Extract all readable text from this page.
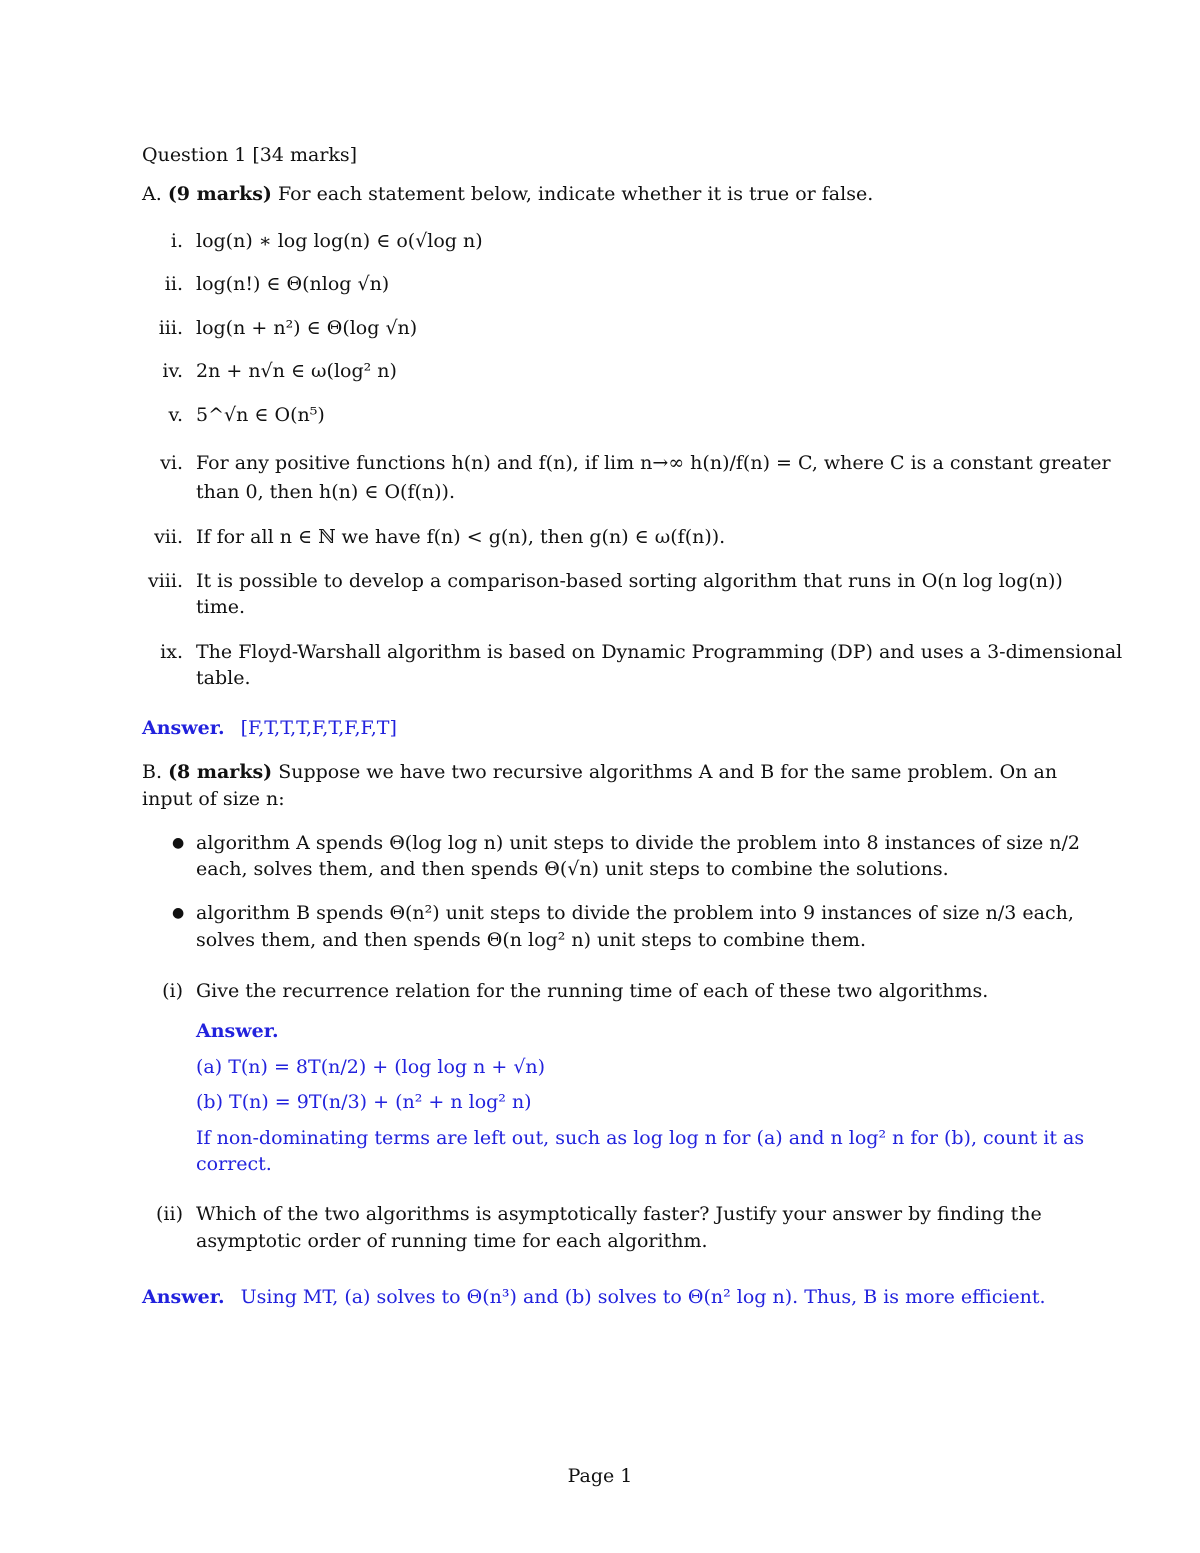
Question 1 [34 marks]
A. (9 marks) For each statement below, indicate whether it is true or false.
i. log(n) ∗ log log(n) ∈ o(√log n)
ii. log(n!) ∈ Θ(nlog √n)
iii. log(n + n²) ∈ Θ(log √n)
iv. 2n + n√n ∈ ω(log² n)
v. 5^√n ∈ O(n⁵)
vi. For any positive functions h(n) and f(n), if lim n→∞ h(n)/f(n) = C, where C is a constant greater
than 0, then h(n) ∈ O(f(n)).
vii. If for all n ∈ ℕ we have f(n) < g(n), then g(n) ∈ ω(f(n)).
viii. It is possible to develop a comparison-based sorting algorithm that runs in O(n log log(n))
time.
ix. The Floyd-Warshall algorithm is based on Dynamic Programming (DP) and uses a 3-dimensional
table.
Answer. [F,T,T,T,F,T,F,F,T]
B. (8 marks) Suppose we have two recursive algorithms A and B for the same problem. On an
input of size n:
● algorithm A spends Θ(log log n) unit steps to divide the problem into 8 instances of size n/2
each, solves them, and then spends Θ(√n) unit steps to combine the solutions.
● algorithm B spends Θ(n²) unit steps to divide the problem into 9 instances of size n/3 each,
solves them, and then spends Θ(n log² n) unit steps to combine them.
(i) Give the recurrence relation for the running time of each of these two algorithms.
Answer.
(a) T(n) = 8T(n/2) + (log log n + √n)
(b) T(n) = 9T(n/3) + (n² + n log² n)
If non-dominating terms are left out, such as log log n for (a) and n log² n for (b), count it as
correct.
(ii) Which of the two algorithms is asymptotically faster? Justify your answer by finding the
asymptotic order of running time for each algorithm.
Answer. Using MT, (a) solves to Θ(n³) and (b) solves to Θ(n² log n). Thus, B is more efficient.
Page 1
